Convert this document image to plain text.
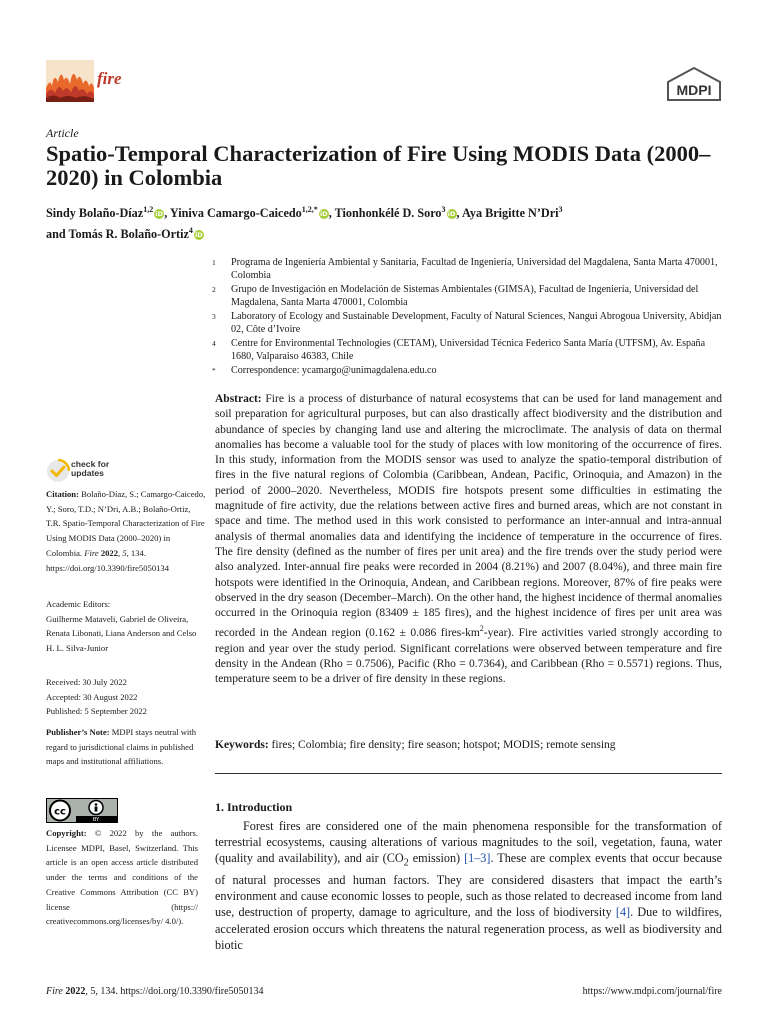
fire
MDPI
Article
Spatio-Temporal Characterization of Fire Using MODIS Data (2000–2020) in Colombia

Sindy Bolaño-Díaz$^{1,2}$iD, Yiniva Camargo-Caicedo$^{1,2,*}$iD, Tionhonkélé D. Soro$^3$iD, Aya Brigitte N’Dri$^3$
and Tomás R. Bolaño-Ortiz$^4$iD

1	Programa de Ingeniería Ambiental y Sanitaria, Facultad de Ingeniería, Universidad del Magdalena, Santa Marta 470001, Colombia
2	Grupo de Investigación en Modelación de Sistemas Ambientales (GIMSA), Facultad de Ingeniería, Universidad del Magdalena, Santa Marta 470001, Colombia
3	Laboratory of Ecology and Sustainable Development, Faculty of Natural Sciences, Nangui Abrogoua University, Abidjan 02, Côte d’Ivoire
4	Centre for Environmental Technologies (CETAM), Universidad Técnica Federico Santa María (UTFSM), Av. España 1680, Valparaiso 46383, Chile
*	Correspondence: ycamargo@unimagdalena.edu.co

Abstract: Fire is a process of disturbance of natural ecosystems that can be used for land management and soil preparation for agricultural purposes, but can also drastically affect biodiversity and the distribution and abundance of species by changing land use and altering the microclimate. The analysis of data on thermal anomalies has become a valuable tool for the study of places with low monitoring of the occurrence of fires. In this study, information from the MODIS sensor was used to analyze the spatio-temporal distribution of fires in the five natural regions of Colombia (Caribbean, Andean, Pacific, Orinoquia, and Amazon) in the period of 2000–2020. Nevertheless, MODIS fire hotspots present some difficulties in estimating the magnitude of fire activity, due the relations between active fires and burned areas, which are not constant in space and time. The method used in this work consisted to performance an inter-annual and intra-annual analysis of thermal anomalies data and identifying the incidence of temperature in the occurrence of fires. The fire density (defined as the number of fires per unit area) and the fire trends over the study period were also analyzed. Inter-annual fire peaks were recorded in 2004 (8.21%) and 2007 (8.04%), and three main fire hotspots were identified in the Orinoquia, Andean, and Caribbean regions. Moreover, 87% of fire peaks were observed in the dry season (December–March). On the other hand, the highest incidence of thermal anomalies occurred in the Orinoquia region (83409 ± 185 fires), and the highest incidence of fires per unit area was recorded in the Andean region (0.162 ± 0.086 fires-$km^2-year$). Fire activities varied strongly according to region and year over the study period. Significant correlations were observed between temperature and fire density in the Andean (Rho = 0.7506), Pacific (Rho = 0.7364), and Caribbean (Rho = 0.5571) regions. Thus, temperature seem to be a driver of fire density in these regions.

Keywords: fires; Colombia; fire density; fire season; hotspot; MODIS; remote sensing
check for
updates
Citation: Bolaño-Díaz, S.; Camargo-Caicedo, Y.; Soro, T.D.; N’Dri, A.B.; Bolaño-Ortiz, T.R. Spatio-Temporal Characterization of Fire Using MODIS Data (2000–2020) in Colombia. Fire 2022, 5, 134. https://doi.org/10.3390/fire5050134
Academic Editors:
Guilherme Mataveli, Gabriel de Oliveira, Renata Libonati, Liana Anderson and Celso H. L. Silva-Junior
Received: 30 July 2022
Accepted: 30 August 2022
Published: 5 September 2022
Publisher’s Note: MDPI stays neutral with regard to jurisdictional claims in published maps and institutional affiliations.
cc
BY
Copyright: © 2022 by the authors. Licensee MDPI, Basel, Switzerland. This article is an open access article distributed under the terms and conditions of the Creative Commons Attribution (CC BY) license (https:// creativecommons.org/licenses/by/ 4.0/).
1. Introduction

Forest fires are considered one of the main phenomena responsible for the transformation of terrestrial ecosystems, causing alterations of various magnitudes to the soil, vegetation, fauna, water (quality and availability), and air ($CO_2$ emission) [1–3]. These are complex events that occur because of natural processes and human factors. They are considered disasters that impact the earth’s environment and cause economic losses to people, such as those related to decreased income from land use, destruction of property, damage to agriculture, and the loss of biodiversity [4]. Due to wildfires, accelerated erosion occurs which threatens the natural regeneration process, as well as biodiversity and biotic

Fire 2022, 5, 134. https://doi.org/10.3390/fire5050134	https://www.mdpi.com/journal/fire
